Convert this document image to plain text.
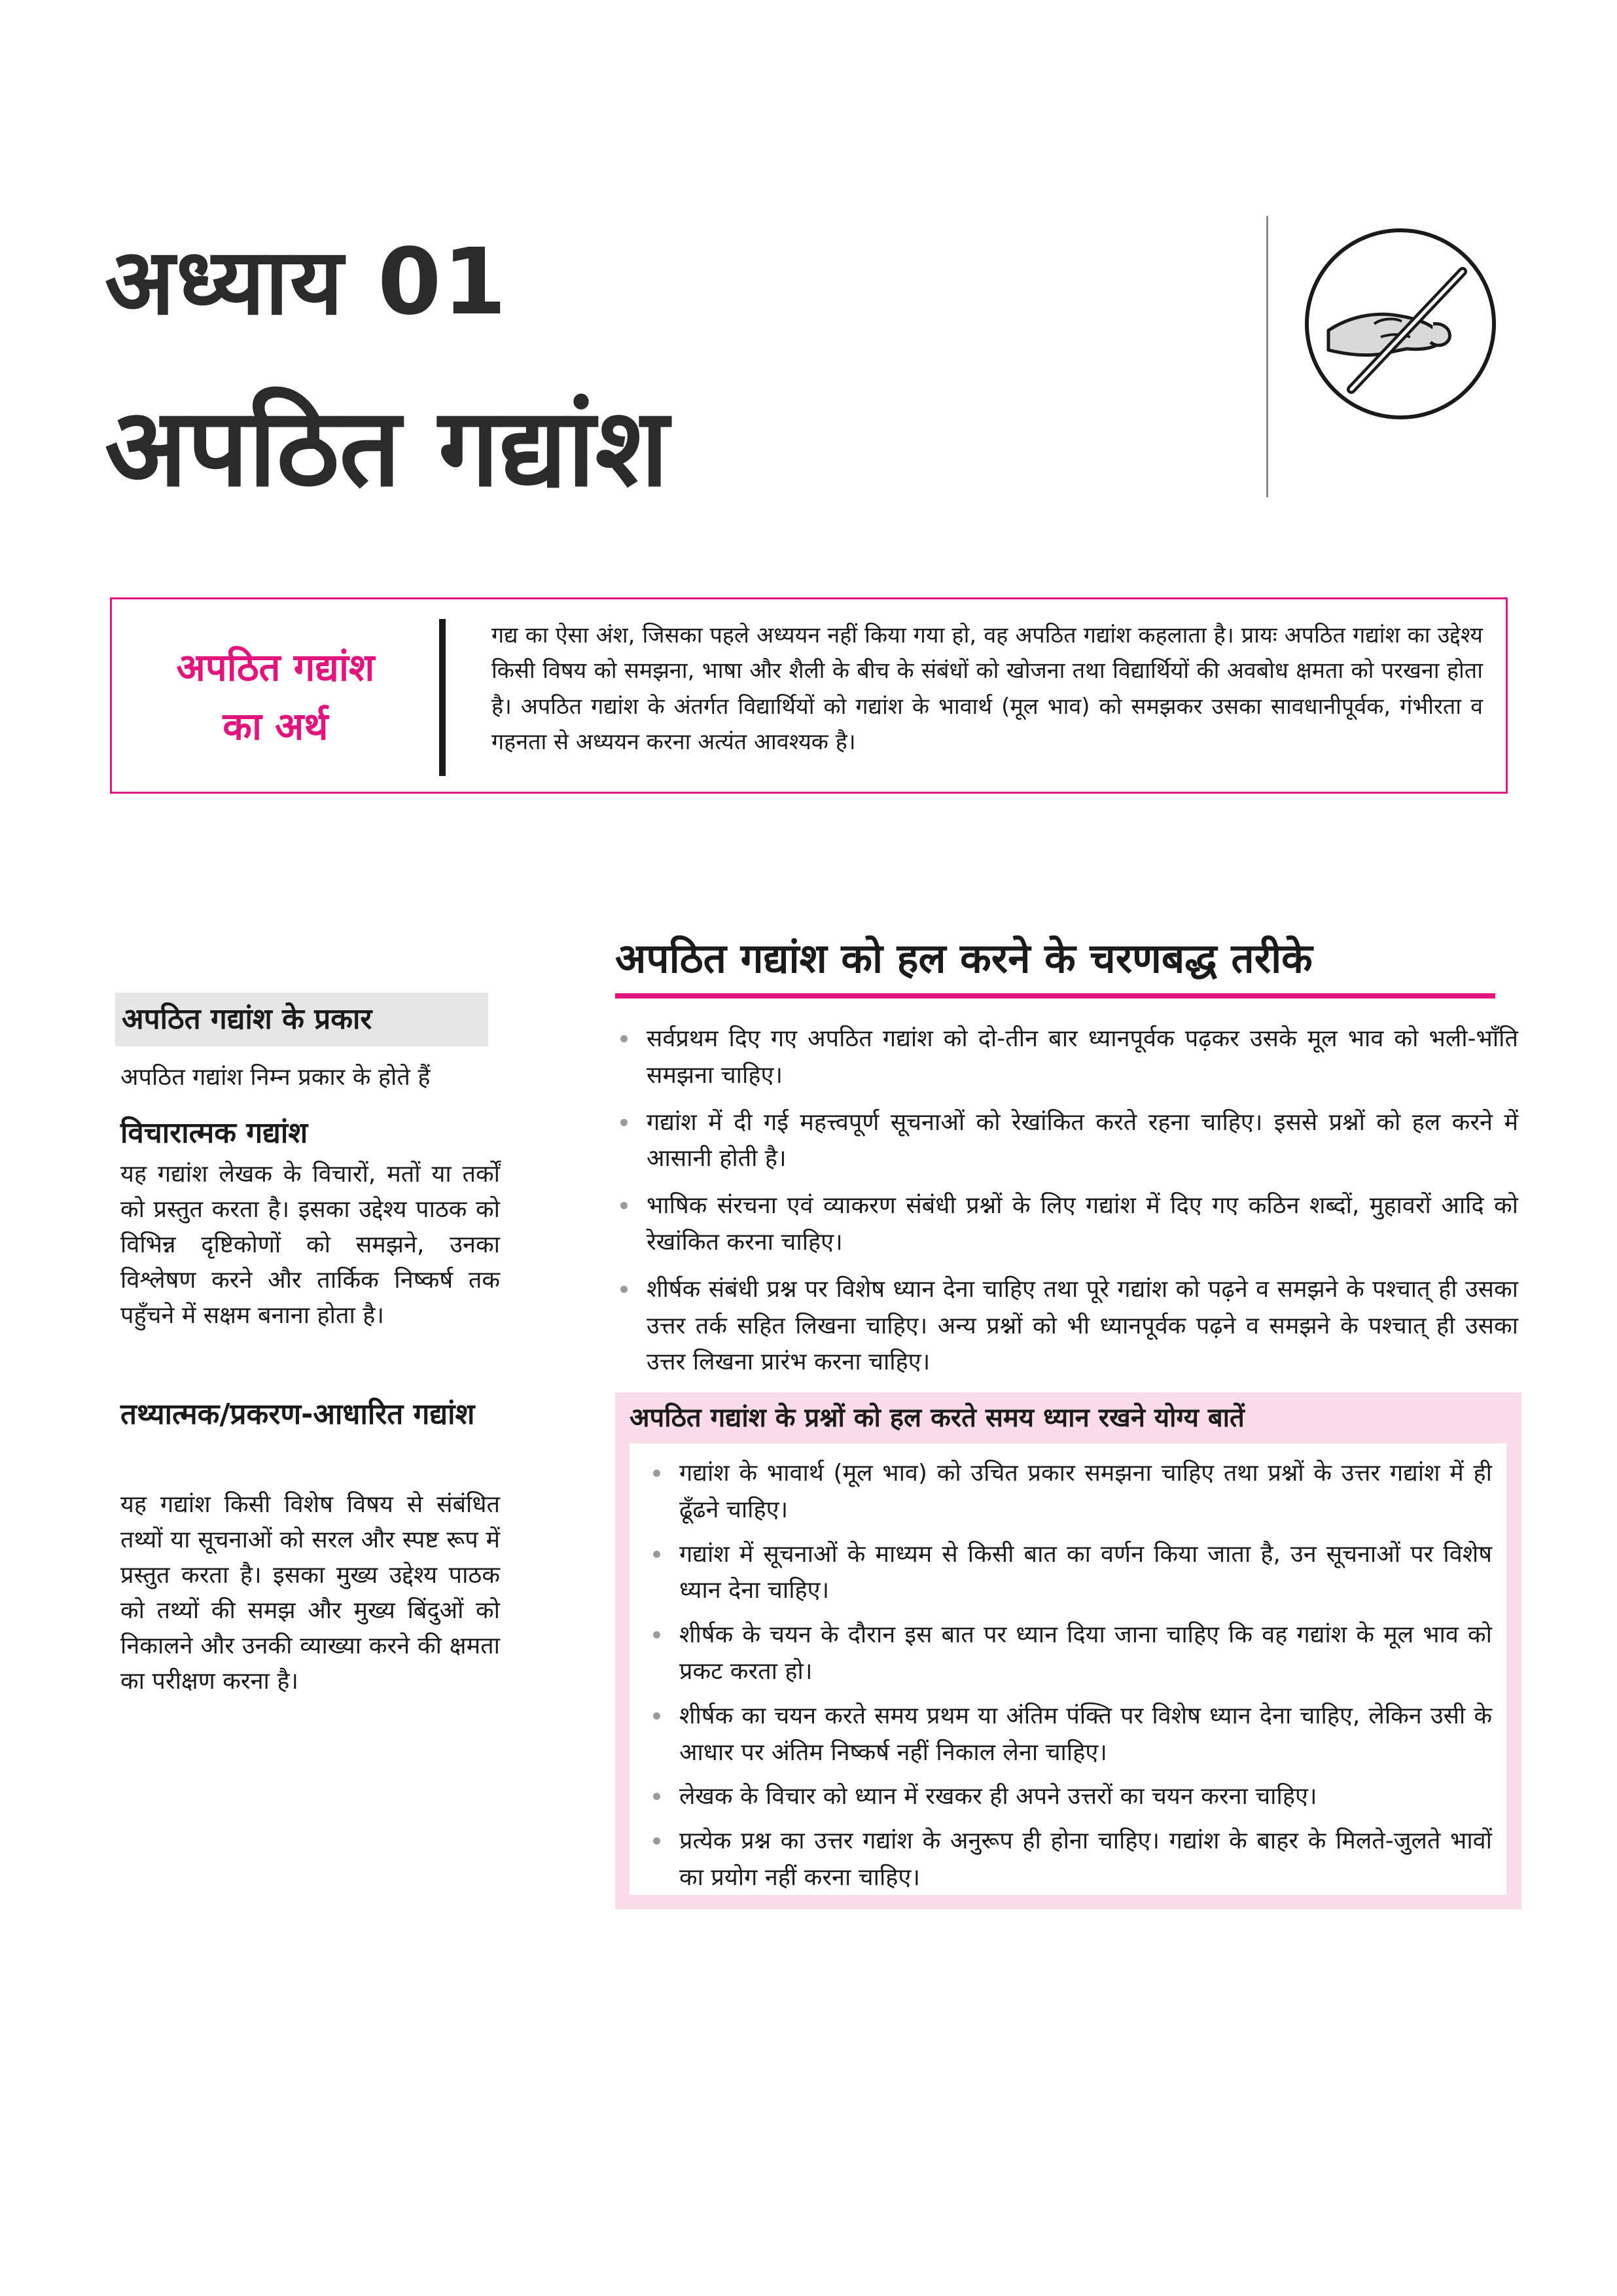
अध्याय 01
अपठित गद्यांश
अपठित गद्यांश
का अर्थ
गद्य का ऐसा अंश, जिसका पहले अध्ययन नहीं किया गया हो, वह अपठित गद्यांश कहलाता है। प्रायः अपठित गद्यांश का उद्देश्य किसी विषय को समझना, भाषा और शैली के बीच के संबंधों को खोजना तथा विद्यार्थियों की अवबोध क्षमता को परखना होता है। अपठित गद्यांश के अंतर्गत विद्यार्थियों को गद्यांश के भावार्थ (मूल भाव) को समझकर उसका सावधानीपूर्वक, गंभीरता व गहनता से अध्ययन करना अत्यंत आवश्यक है।
अपठित गद्यांश के प्रकार
अपठित गद्यांश निम्न प्रकार के होते हैं
विचारात्मक गद्यांश
यह गद्यांश लेखक के विचारों, मतों या तर्कों को प्रस्तुत करता है। इसका उद्देश्य पाठक को विभिन्न दृष्टिकोणों को समझने, उनका विश्लेषण करने और तार्किक निष्कर्ष तक पहुँचने में सक्षम बनाना होता है।
तथ्यात्मक/प्रकरण-आधारित गद्यांश
यह गद्यांश किसी विशेष विषय से संबंधित तथ्यों या सूचनाओं को सरल और स्पष्ट रूप में प्रस्तुत करता है। इसका मुख्य उद्देश्य पाठक को तथ्यों की समझ और मुख्य बिंदुओं को निकालने और उनकी व्याख्या करने की क्षमता का परीक्षण करना है।
अपठित गद्यांश को हल करने के चरणबद्ध तरीके
सर्वप्रथम दिए गए अपठित गद्यांश को दो-तीन बार ध्यानपूर्वक पढ़कर उसके मूल भाव को भली-भाँति समझना चाहिए।
गद्यांश में दी गई महत्त्वपूर्ण सूचनाओं को रेखांकित करते रहना चाहिए। इससे प्रश्नों को हल करने में आसानी होती है।
भाषिक संरचना एवं व्याकरण संबंधी प्रश्नों के लिए गद्यांश में दिए गए कठिन शब्दों, मुहावरों आदि को रेखांकित करना चाहिए।
शीर्षक संबंधी प्रश्न पर विशेष ध्यान देना चाहिए तथा पूरे गद्यांश को पढ़ने व समझने के पश्चात् ही उसका उत्तर तर्क सहित लिखना चाहिए। अन्य प्रश्नों को भी ध्यानपूर्वक पढ़ने व समझने के पश्चात् ही उसका उत्तर लिखना प्रारंभ करना चाहिए।
अपठित गद्यांश के प्रश्नों को हल करते समय ध्यान रखने योग्य बातें
गद्यांश के भावार्थ (मूल भाव) को उचित प्रकार समझना चाहिए तथा प्रश्नों के उत्तर गद्यांश में ही ढूँढने चाहिए।
गद्यांश में सूचनाओं के माध्यम से किसी बात का वर्णन किया जाता है, उन सूचनाओं पर विशेष ध्यान देना चाहिए।
शीर्षक के चयन के दौरान इस बात पर ध्यान दिया जाना चाहिए कि वह गद्यांश के मूल भाव को प्रकट करता हो।
शीर्षक का चयन करते समय प्रथम या अंतिम पंक्ति पर विशेष ध्यान देना चाहिए, लेकिन उसी के आधार पर अंतिम निष्कर्ष नहीं निकाल लेना चाहिए।
लेखक के विचार को ध्यान में रखकर ही अपने उत्तरों का चयन करना चाहिए।
प्रत्येक प्रश्न का उत्तर गद्यांश के अनुरूप ही होना चाहिए। गद्यांश के बाहर के मिलते-जुलते भावों का प्रयोग नहीं करना चाहिए।
